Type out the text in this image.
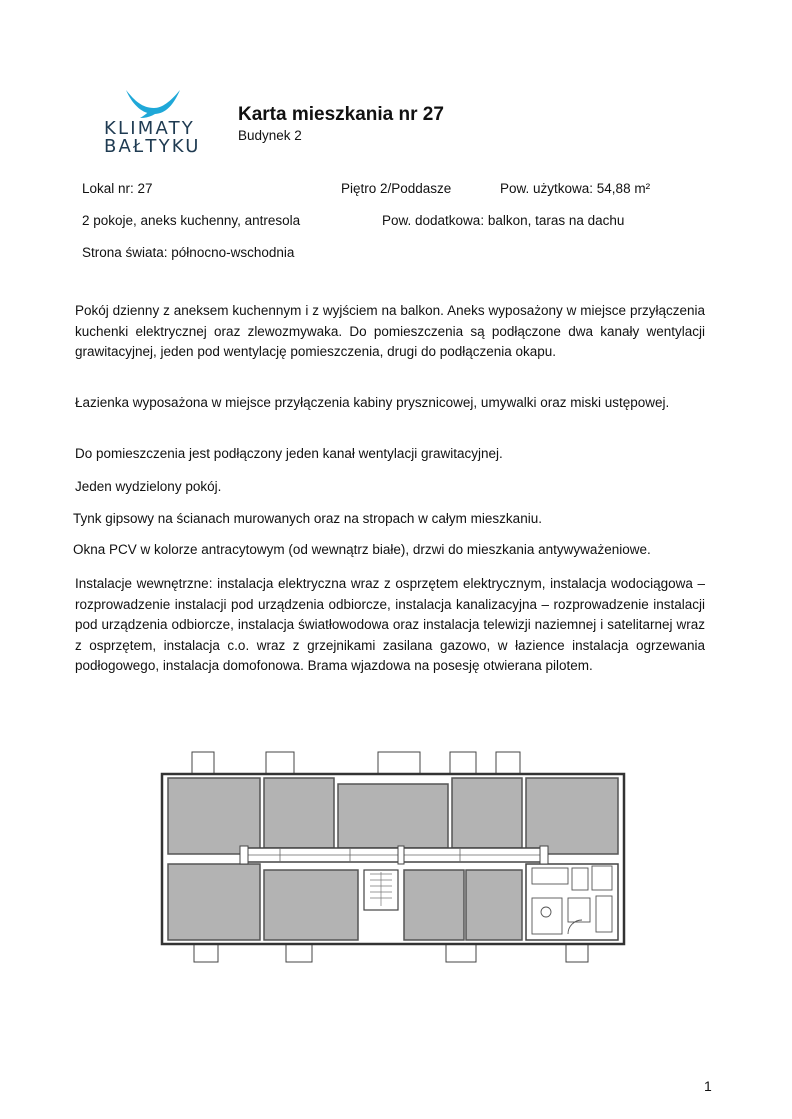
KLIMATY
BAŁTYKU
Karta mieszkania nr 27
Budynek 2
Lokal nr: 27	Piętro 2/Poddasze	Pow. użytkowa: 54,88 m²
2 pokoje, aneks kuchenny, antresola	Pow. dodatkowa: balkon, taras na dachu
Strona świata: północno-wschodnia
Pokój dzienny z aneksem kuchennym i z wyjściem na balkon. Aneks wyposażony w miejsce przyłączenia kuchenki elektrycznej oraz zlewozmywaka. Do pomieszczenia są podłączone dwa kanały wentylacji grawitacyjnej, jeden pod wentylację pomieszczenia, drugi do podłączenia okapu.
Łazienka wyposażona w miejsce przyłączenia kabiny prysznicowej, umywalki oraz miski ustępowej.
Do pomieszczenia jest podłączony jeden kanał wentylacji grawitacyjnej.
Jeden wydzielony pokój.
Tynk gipsowy na ścianach murowanych oraz na stropach w całym mieszkaniu.
Okna PCV w kolorze antracytowym (od wewnątrz białe), drzwi do mieszkania antywyważeniowe.
Instalacje wewnętrzne: instalacja elektryczna wraz z osprzętem elektrycznym, instalacja wodociągowa – rozprowadzenie instalacji pod urządzenia odbiorcze, instalacja kanalizacyjna – rozprowadzenie instalacji pod urządzenia odbiorcze, instalacja światłowodowa oraz instalacja telewizji naziemnej i satelitarnej wraz z osprzętem, instalacja c.o. wraz z grzejnikami zasilana gazowo, w łazience instalacja ogrzewania podłogowego, instalacja domofonowa. Brama wjazdowa na posesję otwierana pilotem.
1
